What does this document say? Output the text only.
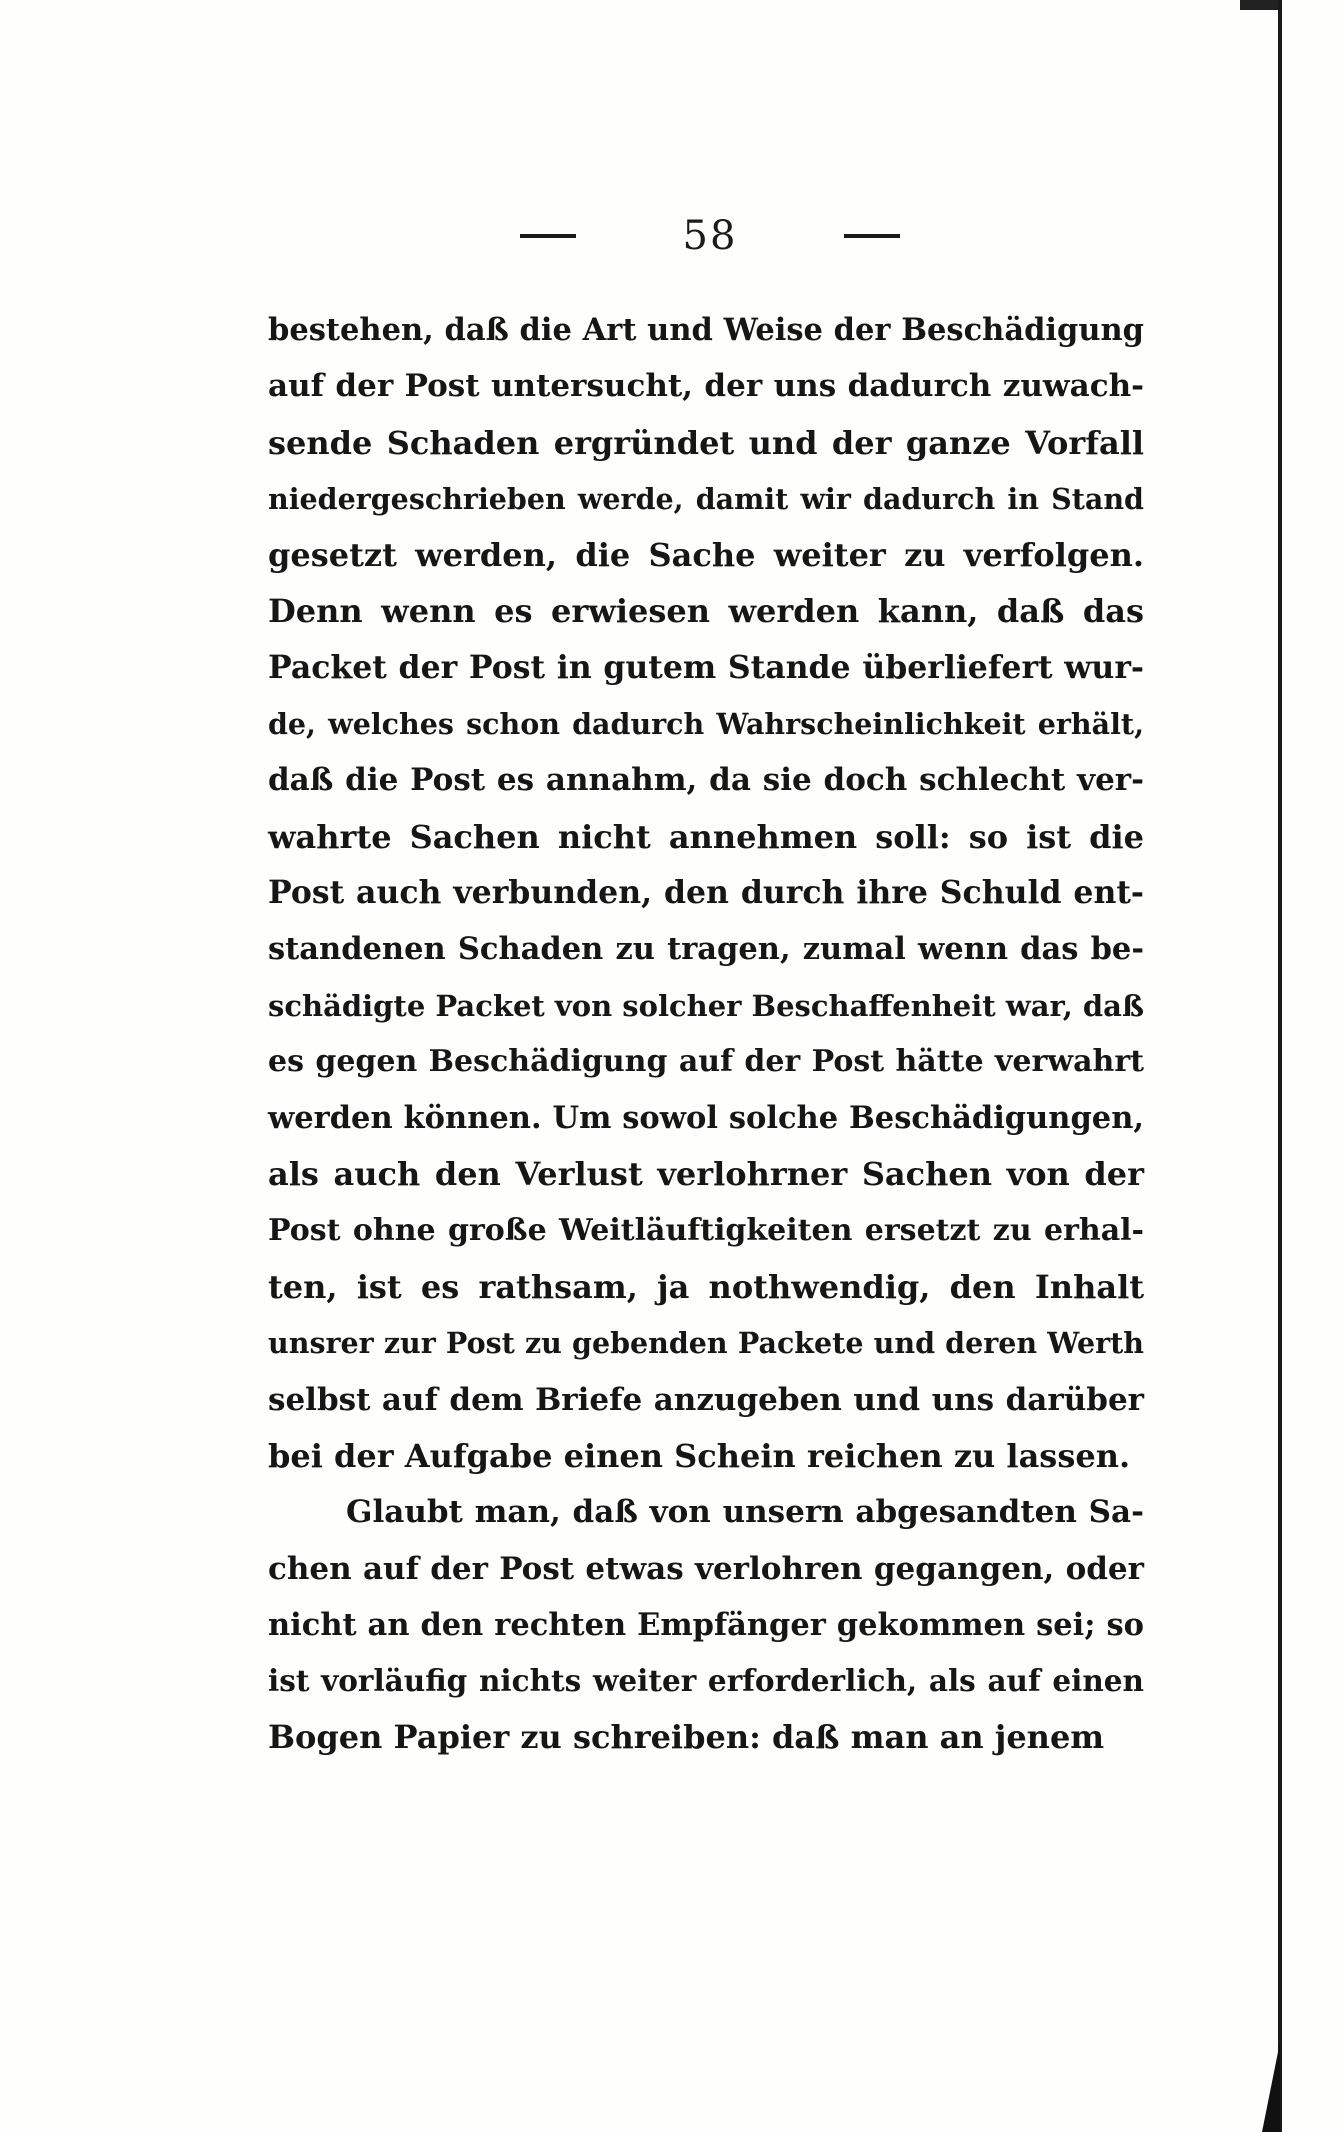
58
bestehen, daß die Art und Weise der Beschädigung
auf der Post untersucht, der uns dadurch zuwach-
sende Schaden ergründet und der ganze Vorfall
niedergeschrieben werde, damit wir dadurch in Stand
gesetzt werden, die Sache weiter zu verfolgen.
Denn wenn es erwiesen werden kann, daß das
Packet der Post in gutem Stande überliefert wur-
de, welches schon dadurch Wahrscheinlichkeit erhält,
daß die Post es annahm, da sie doch schlecht ver-
wahrte Sachen nicht annehmen soll: so ist die
Post auch verbunden, den durch ihre Schuld ent-
standenen Schaden zu tragen, zumal wenn das be-
schädigte Packet von solcher Beschaffenheit war, daß
es gegen Beschädigung auf der Post hätte verwahrt
werden können. Um sowol solche Beschädigungen,
als auch den Verlust verlohrner Sachen von der
Post ohne große Weitläuftigkeiten ersetzt zu erhal-
ten, ist es rathsam, ja nothwendig, den Inhalt
unsrer zur Post zu gebenden Packete und deren Werth
selbst auf dem Briefe anzugeben und uns darüber
bei der Aufgabe einen Schein reichen zu lassen.
Glaubt man, daß von unsern abgesandten Sa-
chen auf der Post etwas verlohren gegangen, oder
nicht an den rechten Empfänger gekommen sei; so
ist vorläufig nichts weiter erforderlich, als auf einen
Bogen Papier zu schreiben: daß man an jenem
